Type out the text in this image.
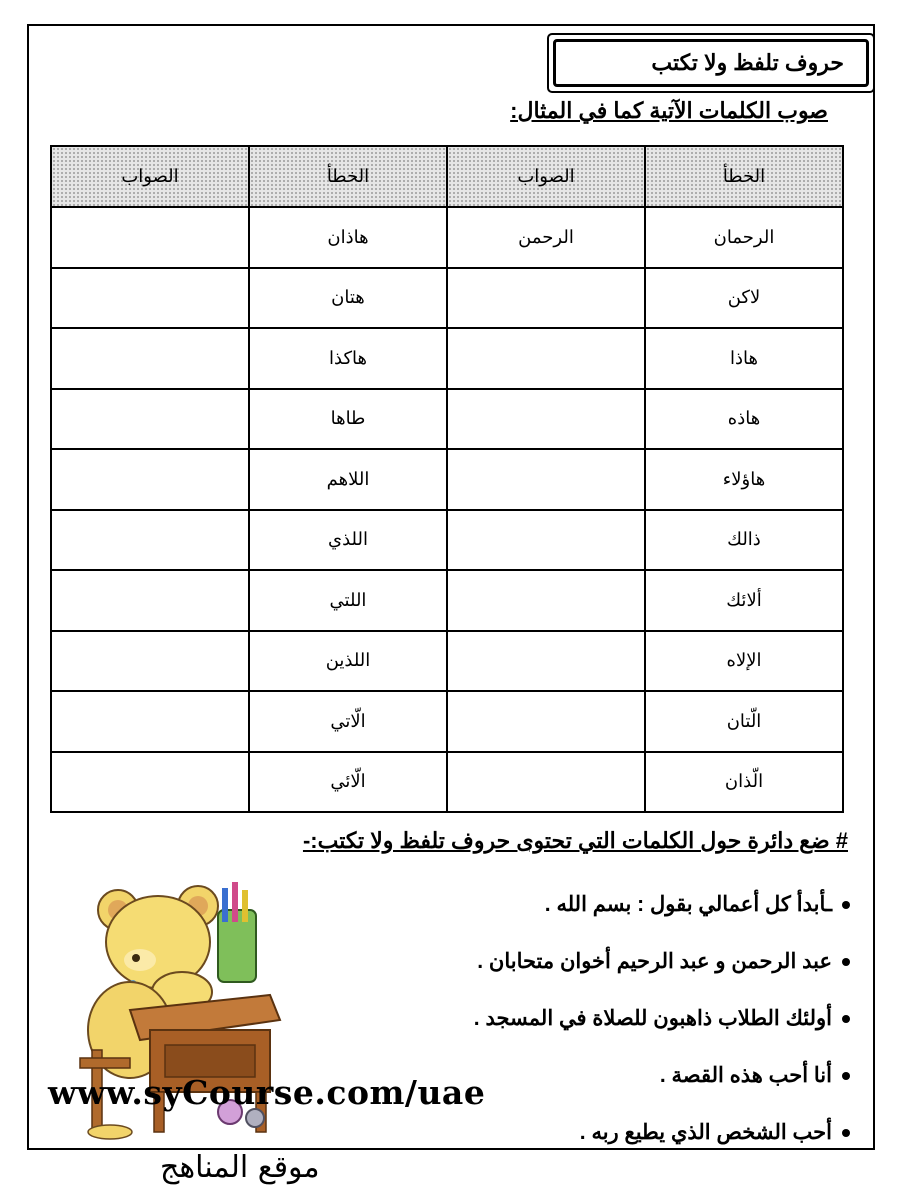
حروف تلفظ ولا تكتب
صوب الكلمات الآتية كما في المثال:
الخطأ	الصواب	الخطأ	الصواب
الرحمان	الرحمن	هاذان	
لاكن		هتان	
هاذا		هاكذا	
هاذه		طاها	
هاؤلاء		اللاهم	
ذالك		اللذي	
ألائك		اللتي	
الإلاه		اللذين	
الّتان		الّاتي	
الّذان		الّائي	
# ضع دائرة حول الكلمات التي تحتوى حروف تلفظ ولا تكتب:-
ـأبدأ كل أعمالي بقول : بسم الله .
عبد الرحمن و عبد الرحيم أخوان متحابان .
أولئك الطلاب ذاهبون للصلاة في المسجد .
أنا أحب هذه القصة .
أحب الشخص الذي يطيع ربه .
www.syCourse.com/uae
موقع المناهج
